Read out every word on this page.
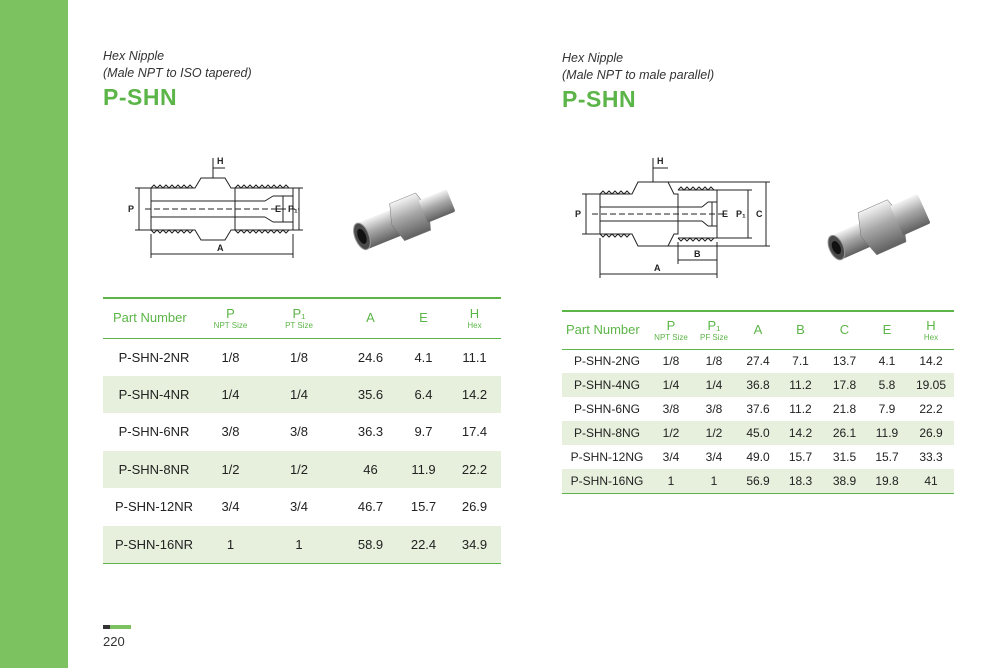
Hex Nipple
(Male NPT to ISO tapered)
P-SHN
H
P	E P₁
A
Part Number	P
NPT Size	P₁
PT Size	A	E	H
Hex

P-SHN-2NR	1/8	1/8	24.6	4.1	11.1
P-SHN-4NR	1/4	1/4	35.6	6.4	14.2
P-SHN-6NR	3/8	3/8	36.3	9.7	17.4
P-SHN-8NR	1/2	1/2	46	11.9	22.2
P-SHN-12NR	3/4	3/4	46.7	15.7	26.9
P-SHN-16NR	1	1	58.9	22.4	34.9
Hex Nipple
(Male NPT to male parallel)
P-SHN
H
P	E P₁ C
B
A
Part Number	P
NPT Size	P₁
PF Size	A	B	C	E	H
Hex

P-SHN-2NG	1/8	1/8	27.4	7.1	13.7	4.1	14.2
P-SHN-4NG	1/4	1/4	36.8	11.2	17.8	5.8	19.05
P-SHN-6NG	3/8	3/8	37.6	11.2	21.8	7.9	22.2
P-SHN-8NG	1/2	1/2	45.0	14.2	26.1	11.9	26.9
P-SHN-12NG	3/4	3/4	49.0	15.7	31.5	15.7	33.3
P-SHN-16NG	1	1	56.9	18.3	38.9	19.8	41
220
